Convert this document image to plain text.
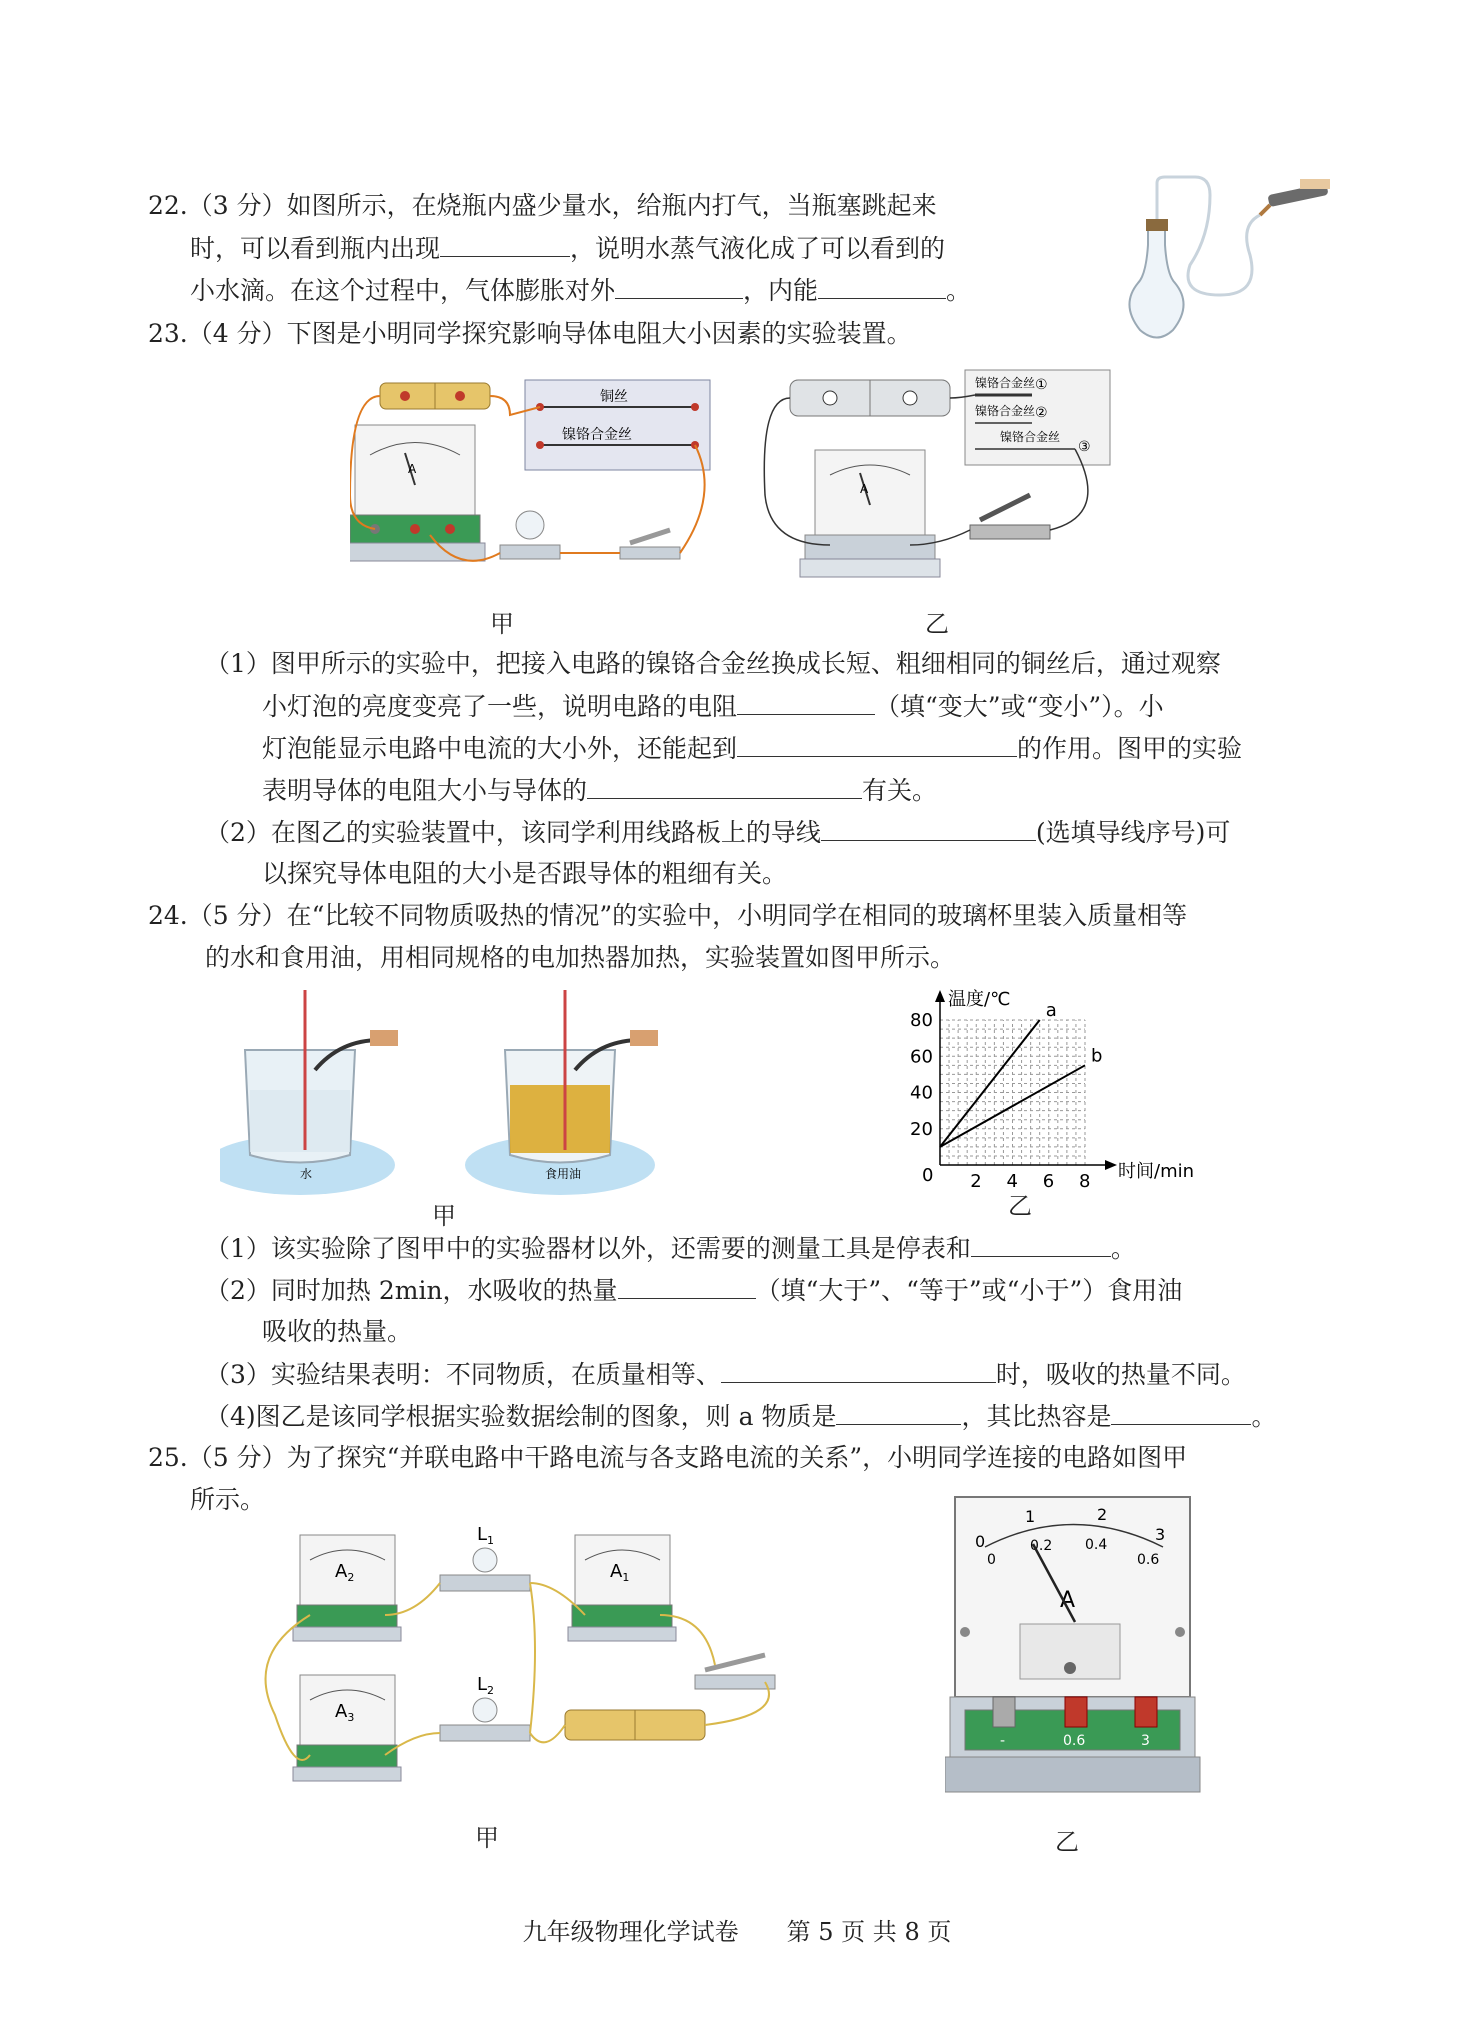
22.（3 分）如图所示，在烧瓶内盛少量水，给瓶内打气，当瓶塞跳起来
时，可以看到瓶内出现	，说明水蒸气液化成了可以看到的
小水滴。在这个过程中，气体膨胀对外	，内能	。
23.（4 分）下图是小明同学探究影响导体电阻大小因素的实验装置。
铜丝
镍铬合金丝
A
甲
镍铬合金丝 ①
镍铬合金丝 ②
镍铬合金丝
③
A
乙
（1）图甲所示的实验中，把接入电路的镍铬合金丝换成长短、粗细相同的铜丝后，通过观察
小灯泡的亮度变亮了一些，说明电路的电阻	（填“变大”或“变小”）。小
灯泡能显示电路中电流的大小外，还能起到	的作用。图甲的实验
表明导体的电阻大小与导体的	有关。
（2）在图乙的实验装置中，该同学利用线路板上的导线	(选填导线序号)可
以探究导体电阻的大小是否跟导体的粗细有关。
24.（5 分）在“比较不同物质吸热的情况”的实验中，小明同学在相同的玻璃杯里装入质量相等
的水和食用油，用相同规格的电加热器加热，实验装置如图甲所示。
水	食用油
甲
2 4 6 8
20
40
60
80	a
b
温度/℃
时间/min
0
乙
（1）该实验除了图甲中的实验器材以外，还需要的测量工具是停表和	。
（2）同时加热 2min，水吸收的热量	（填“大于”、“等于”或“小于”）食用油
吸收的热量。
（3）实验结果表明：不同物质，在质量相等、	时，吸收的热量不同。
（4)图乙是该同学根据实验数据绘制的图象，则 a 物质是	，其比热容是	。
25.（5 分）为了探究“并联电路中干路电流与各支路电流的关系”，小明同学连接的电路如图甲
所示。
$A_2$	$A_1$
$A_3$
$L_1$
$L_2$
甲
0
1	2
3
0
0.2 0.4
0.6
A
-	0.6	3
乙
九年级物理化学试卷　　第 5 页 共 8 页
